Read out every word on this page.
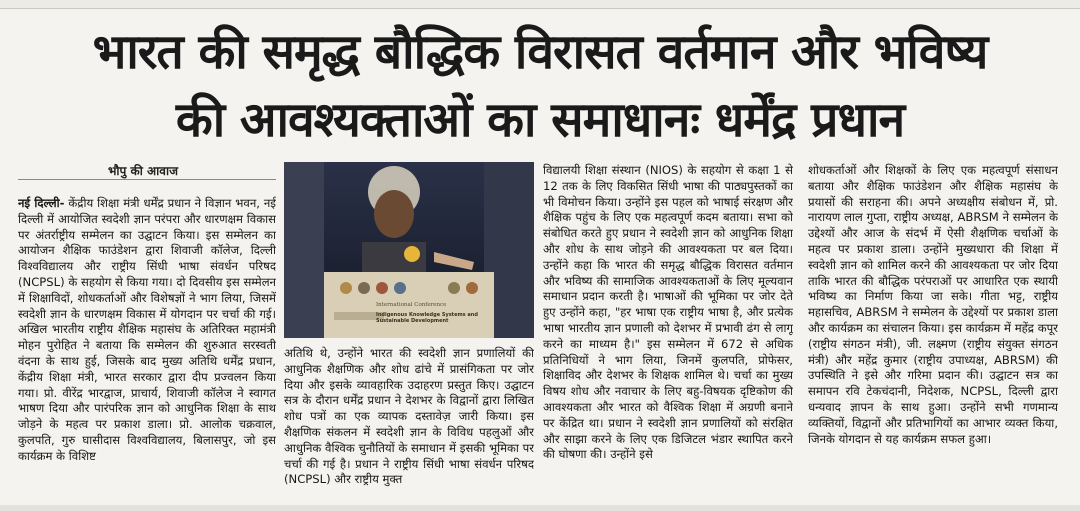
भारत की समृद्ध बौद्धिक विरासत वर्तमान और भविष्य
की आवश्यक्ताओं का समाधानः धर्मेंद्र प्रधान
भौपु की आवाज

नई दिल्ली- केंद्रीय शिक्षा मंत्री धर्मेंद्र प्रधान ने विज्ञान भवन, नई दिल्ली में आयोजित स्वदेशी ज्ञान परंपरा और धारणक्षम विकास पर अंतर्राष्ट्रीय सम्मेलन का उद्घाटन किया। इस सम्मेलन का आयोजन शैक्षिक फाउंडेशन द्वारा शिवाजी कॉलेज, दिल्ली विश्वविद्यालय और राष्ट्रीय सिंधी भाषा संवर्धन परिषद (NCPSL) के सहयोग से किया गया। दो दिवसीय इस सम्मेलन में शिक्षाविदों, शोधकर्ताओं और विशेषज्ञों ने भाग लिया, जिसमें स्वदेशी ज्ञान के धारणक्षम विकास में योगदान पर चर्चा की गई। अखिल भारतीय राष्ट्रीय शैक्षिक महासंघ के अतिरिक्त महामंत्री मोहन पुरोहित ने बताया कि सम्मेलन की शुरुआत सरस्वती वंदना के साथ हुई, जिसके बाद मुख्य अतिथि धर्मेंद्र प्रधान, केंद्रीय शिक्षा मंत्री, भारत सरकार द्वारा दीप प्रज्वलन किया गया। प्रो. वीरेंद्र भारद्वाज, प्राचार्य, शिवाजी कॉलेज ने स्वागत भाषण दिया और पारंपरिक ज्ञान को आधुनिक शिक्षा के साथ जोड़ने के महत्व पर प्रकाश डाला। प्रो. आलोक चक्रवाल, कुलपति, गुरु घासीदास विश्वविद्यालय, बिलासपुर, जो इस कार्यक्रम के विशिष्ट

International Conference
Indigenous Knowledge Systems and Sustainable Development

अतिथि थे, उन्होंने भारत की स्वदेशी ज्ञान प्रणालियों की आधुनिक शैक्षणिक और शोध ढांचे में प्रासंगिकता पर जोर दिया और इसके व्यावहारिक उदाहरण प्रस्तुत किए। उद्घाटन सत्र के दौरान धर्मेंद्र प्रधान ने देशभर के विद्वानों द्वारा लिखित शोध पत्रों का एक व्यापक दस्तावेज़ जारी किया। इस शैक्षणिक संकलन में स्वदेशी ज्ञान के विविध पहलुओं और आधुनिक वैश्विक चुनौतियों के समाधान में इसकी भूमिका पर चर्चा की गई है। प्रधान ने राष्ट्रीय सिंधी भाषा संवर्धन परिषद (NCPSL) और राष्ट्रीय मुक्त

विद्यालयी शिक्षा संस्थान (NIOS) के सहयोग से कक्षा 1 से 12 तक के लिए विकसित सिंधी भाषा की पाठ्यपुस्तकों का भी विमोचन किया। उन्होंने इस पहल को भाषाई संरक्षण और शैक्षिक पहुंच के लिए एक महत्वपूर्ण कदम बताया। सभा को संबोधित करते हुए प्रधान ने स्वदेशी ज्ञान को आधुनिक शिक्षा और शोध के साथ जोड़ने की आवश्यकता पर बल दिया। उन्होंने कहा कि भारत की समृद्ध बौद्धिक विरासत वर्तमान और भविष्य की सामाजिक आवश्यकताओं के लिए मूल्यवान समाधान प्रदान करती है। भाषाओं की भूमिका पर जोर देते हुए उन्होंने कहा, "हर भाषा एक राष्ट्रीय भाषा है, और प्रत्येक भाषा भारतीय ज्ञान प्रणाली को देशभर में प्रभावी ढंग से लागू करने का माध्यम है।" इस सम्मेलन में 672 से अधिक प्रतिनिधियों ने भाग लिया, जिनमें कुलपति, प्रोफेसर, शिक्षाविद और देशभर के शिक्षक शामिल थे। चर्चा का मुख्य विषय शोध और नवाचार के लिए बहु-विषयक दृष्टिकोण की आवश्यकता और भारत को वैश्विक शिक्षा में अग्रणी बनाने पर केंद्रित था। प्रधान ने स्वदेशी ज्ञान प्रणालियों को संरक्षित और साझा करने के लिए एक डिजिटल भंडार स्थापित करने की घोषणा की। उन्होंने इसे

शोधकर्ताओं और शिक्षकों के लिए एक महत्वपूर्ण संसाधन बताया और शैक्षिक फाउंडेशन और शैक्षिक महासंघ के प्रयासों की सराहना की। अपने अध्यक्षीय संबोधन में, प्रो. नारायण लाल गुप्ता, राष्ट्रीय अध्यक्ष, ABRSM ने सम्मेलन के उद्देश्यों और आज के संदर्भ में ऐसी शैक्षणिक चर्चाओं के महत्व पर प्रकाश डाला। उन्होंने मुख्यधारा की शिक्षा में स्वदेशी ज्ञान को शामिल करने की आवश्यकता पर जोर दिया ताकि भारत की बौद्धिक परंपराओं पर आधारित एक स्थायी भविष्य का निर्माण किया जा सके। गीता भट्ट, राष्ट्रीय महासचिव, ABRSM ने सम्मेलन के उद्देश्यों पर प्रकाश डाला और कार्यक्रम का संचालन किया। इस कार्यक्रम में महेंद्र कपूर (राष्ट्रीय संगठन मंत्री), जी. लक्ष्मण (राष्ट्रीय संयुक्त संगठन मंत्री) और महेंद्र कुमार (राष्ट्रीय उपाध्यक्ष, ABRSM) की उपस्थिति ने इसे और गरिमा प्रदान की। उद्घाटन सत्र का समापन रवि टेकचंदानी, निदेशक, NCPSL, दिल्ली द्वारा धन्यवाद ज्ञापन के साथ हुआ। उन्होंने सभी गणमान्य व्यक्तियों, विद्वानों और प्रतिभागियों का आभार व्यक्त किया, जिनके योगदान से यह कार्यक्रम सफल हुआ।
